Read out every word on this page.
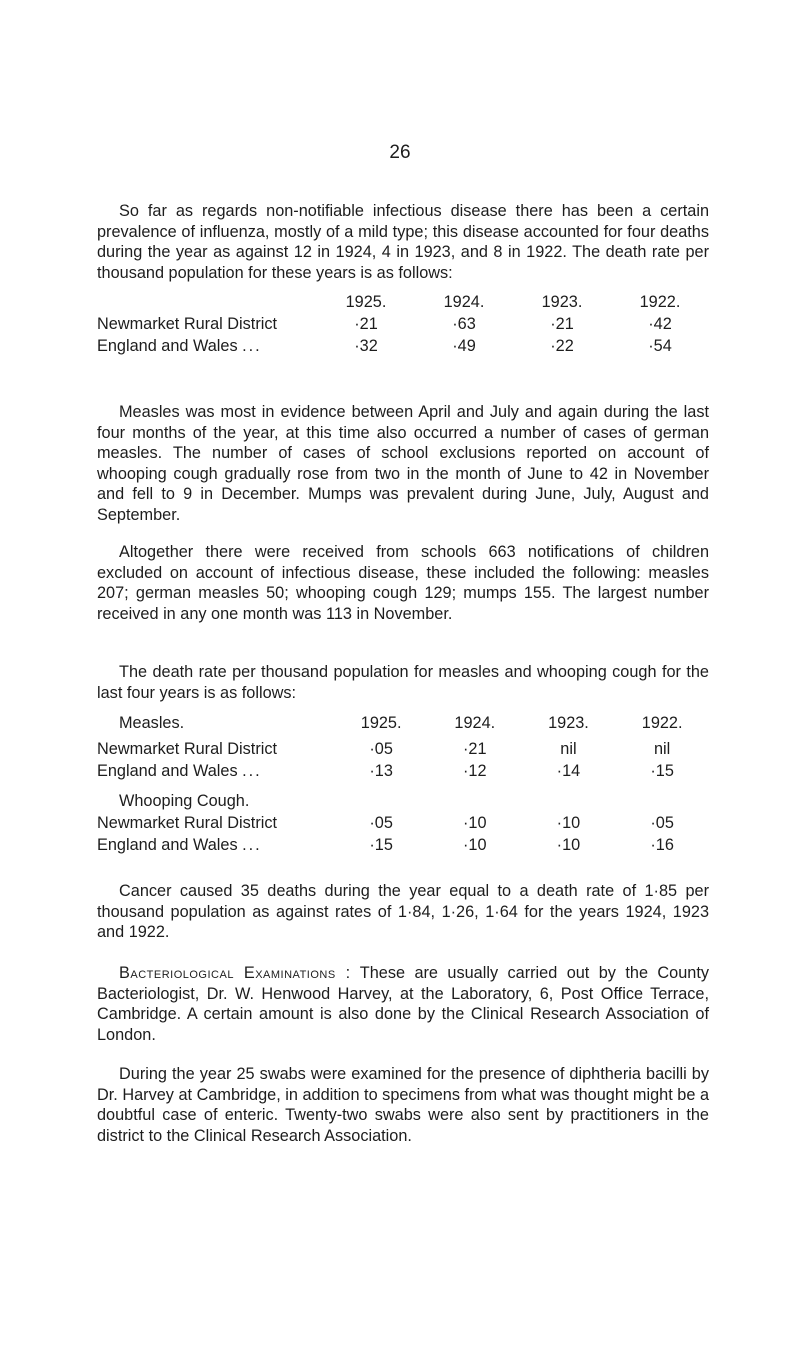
26

So far as regards non-notifiable infectious disease there has been a certain prevalence of influenza, mostly of a mild type; this disease accounted for four deaths during the year as against 12 in 1924, 4 in 1923, and 8 in 1922. The death rate per thousand population for these years is as follows:

	1925.	1924.	1923.	1922.
Newmarket Rural District	·21	·63	·21	·42
England and Wales ...	·32	·49	·22	·54

Measles was most in evidence between April and July and again during the last four months of the year, at this time also occurred a number of cases of german measles. The number of cases of school exclusions reported on account of whooping cough gradually rose from two in the month of June to 42 in November and fell to 9 in December. Mumps was prevalent during June, July, August and September.

Altogether there were received from schools 663 notifications of children excluded on account of infectious disease, these included the following: measles 207; german measles 50; whooping cough 129; mumps 155. The largest number received in any one month was 113 in November.

The death rate per thousand population for measles and whooping cough for the last four years is as follows:

Measles.	1925.	1924.	1923.	1922.
Newmarket Rural District	·05	·21	nil	nil
England and Wales ...	·13	·12	·14	·15
Whooping Cough.				
Newmarket Rural District	·05	·10	·10	·05
England and Wales ...	·15	·10	·10	·16

Cancer caused 35 deaths during the year equal to a death rate of 1·85 per thousand population as against rates of 1·84, 1·26, 1·64 for the years 1924, 1923 and 1922.

Bacteriological Examinations : These are usually carried out by the County Bacteriologist, Dr. W. Henwood Harvey, at the Laboratory, 6, Post Office Terrace, Cambridge. A certain amount is also done by the Clinical Research Association of London.

During the year 25 swabs were examined for the presence of diphtheria bacilli by Dr. Harvey at Cambridge, in addition to specimens from what was thought might be a doubtful case of enteric. Twenty-two swabs were also sent by practitioners in the district to the Clinical Research Association.
